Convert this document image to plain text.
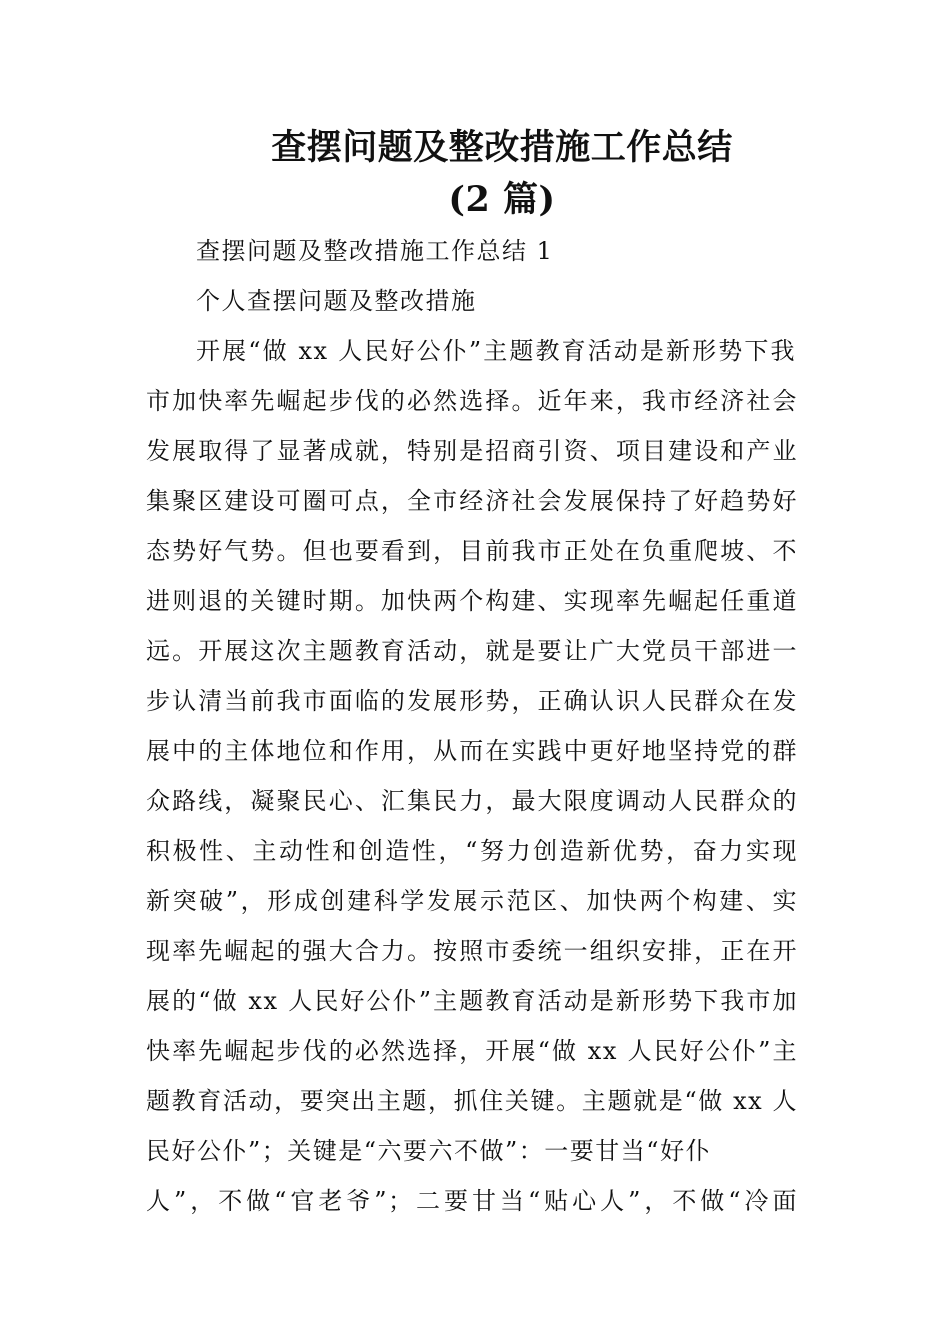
查摆问题及整改措施工作总结
(2 篇)

查摆问题及整改措施工作总结 1

个人查摆问题及整改措施

开展“做 xx 人民好公仆”主题教育活动是新形势下我

市加快率先崛起步伐的必然选择。近年来，我市经济社会

发展取得了显著成就，特别是招商引资、项目建设和产业

集聚区建设可圈可点，全市经济社会发展保持了好趋势好

态势好气势。但也要看到，目前我市正处在负重爬坡、不

进则退的关键时期。加快两个构建、实现率先崛起任重道

远。开展这次主题教育活动，就是要让广大党员干部进一

步认清当前我市面临的发展形势，正确认识人民群众在发

展中的主体地位和作用，从而在实践中更好地坚持党的群

众路线，凝聚民心、汇集民力，最大限度调动人民群众的

积极性、主动性和创造性，“努力创造新优势，奋力实现

新突破”，形成创建科学发展示范区、加快两个构建、实

现率先崛起的强大合力。按照市委统一组织安排，正在开

展的“做 xx 人民好公仆”主题教育活动是新形势下我市加

快率先崛起步伐的必然选择，开展“做 xx 人民好公仆”主

题教育活动，要突出主题，抓住关键。主题就是“做 xx 人

民好公仆”；关键是“六要六不做”：一要甘当“好仆

人”，不做“官老爷”；二要甘当“贴心人”，不做“冷面
